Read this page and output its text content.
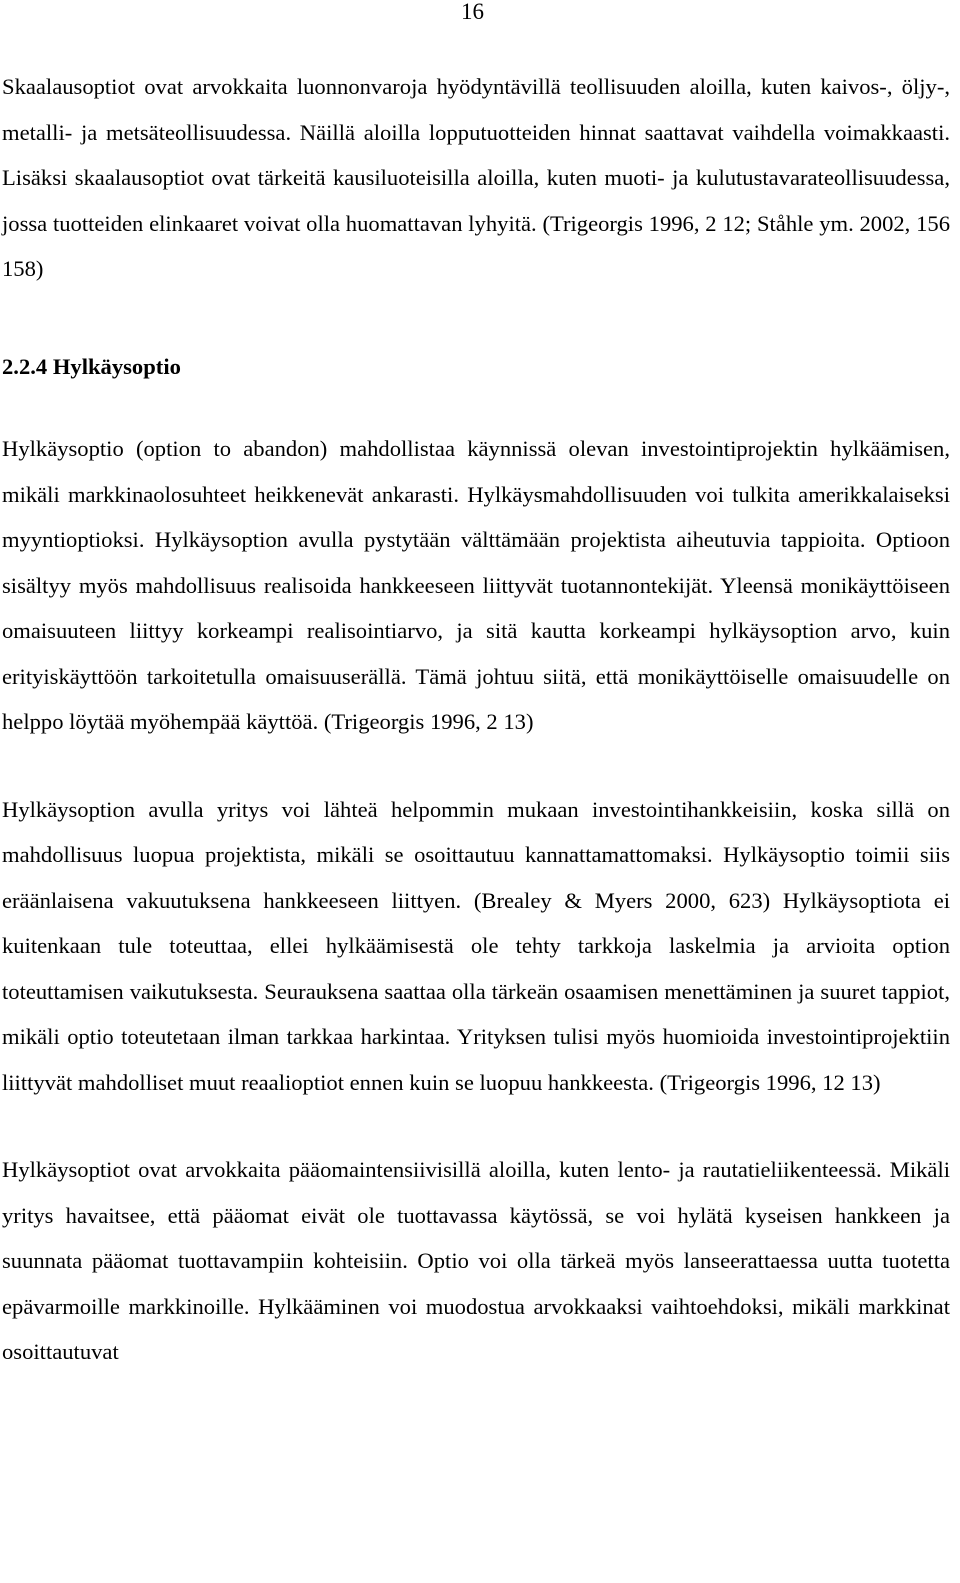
16

Skaalausoptiot ovat arvokkaita luonnonvaroja hyödyntävillä teollisuuden aloilla, kuten kaivos-, öljy-, metalli- ja metsäteollisuudessa. Näillä aloilla lopputuotteiden hinnat saattavat vaihdella voimakkaasti. Lisäksi skaalausoptiot ovat tärkeitä kausiluoteisilla aloilla, kuten muoti- ja kulutustavarateollisuudessa, jossa tuotteiden elinkaaret voivat olla huomattavan lyhyitä. (Trigeorgis 1996, 2 12; Ståhle ym. 2002, 156 158)

2.2.4 Hylkäysoptio

Hylkäysoptio (option to abandon) mahdollistaa käynnissä olevan investointiprojektin hylkäämisen, mikäli markkinaolosuhteet heikkenevät ankarasti. Hylkäysmahdollisuuden voi tulkita amerikkalaiseksi myyntioptioksi. Hylkäysoption avulla pystytään välttämään projektista aiheutuvia tappioita. Optioon sisältyy myös mahdollisuus realisoida hankkeeseen liittyvät tuotannontekijät. Yleensä monikäyttöiseen omaisuuteen liittyy korkeampi realisointiarvo, ja sitä kautta korkeampi hylkäysoption arvo, kuin erityiskäyttöön tarkoitetulla omaisuuserällä. Tämä johtuu siitä, että monikäyttöiselle omaisuudelle on helppo löytää myöhempää käyttöä. (Trigeorgis 1996, 2 13)

Hylkäysoption avulla yritys voi lähteä helpommin mukaan investointihankkeisiin, koska sillä on mahdollisuus luopua projektista, mikäli se osoittautuu kannattamattomaksi. Hylkäysoptio toimii siis eräänlaisena vakuutuksena hankkeeseen liittyen. (Brealey & Myers 2000, 623) Hylkäysoptiota ei kuitenkaan tule toteuttaa, ellei hylkäämisestä ole tehty tarkkoja laskelmia ja arvioita option toteuttamisen vaikutuksesta. Seurauksena saattaa olla tärkeän osaamisen menettäminen ja suuret tappiot, mikäli optio toteutetaan ilman tarkkaa harkintaa. Yrityksen tulisi myös huomioida investointiprojektiin liittyvät mahdolliset muut reaalioptiot ennen kuin se luopuu hankkeesta. (Trigeorgis 1996, 12 13)

Hylkäysoptiot ovat arvokkaita pääomaintensiivisillä aloilla, kuten lento- ja rautatieliikenteessä. Mikäli yritys havaitsee, että pääomat eivät ole tuottavassa käytössä, se voi hylätä kyseisen hankkeen ja suunnata pääomat tuottavampiin kohteisiin. Optio voi olla tärkeä myös lanseerattaessa uutta tuotetta epävarmoille markkinoille. Hylkääminen voi muodostua arvokkaaksi vaihtoehdoksi, mikäli markkinat osoittautuvat
